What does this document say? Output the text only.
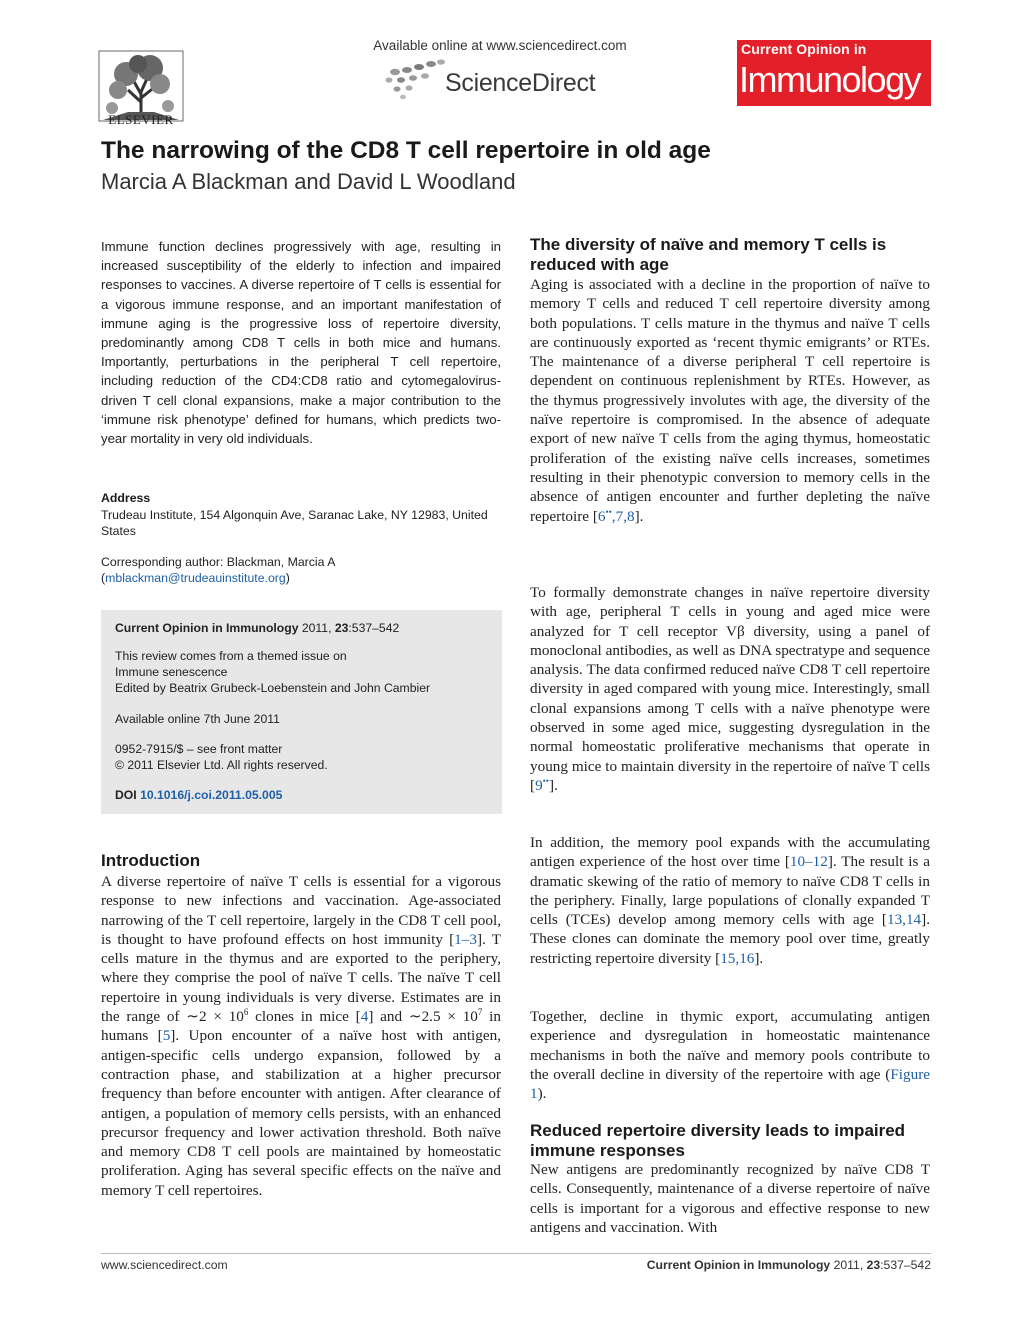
ELSEVIER
Available online at www.sciencedirect.com
ScienceDirect
Current Opinion in
Immunology
The narrowing of the CD8 T cell repertoire in old age
Marcia A Blackman and David L Woodland
Immune function declines progressively with age, resulting in increased susceptibility of the elderly to infection and impaired responses to vaccines. A diverse repertoire of T cells is essential for a vigorous immune response, and an important manifestation of immune aging is the progressive loss of repertoire diversity, predominantly among CD8 T cells in both mice and humans. Importantly, perturbations in the peripheral T cell repertoire, including reduction of the CD4:CD8 ratio and cytomegalovirus-driven T cell clonal expansions, make a major contribution to the ‘immune risk phenotype’ defined for humans, which predicts two-year mortality in very old individuals.
Address
Trudeau Institute, 154 Algonquin Ave, Saranac Lake, NY 12983, United States
Corresponding author: Blackman, Marcia A
(mblackman@trudeauinstitute.org)

Current Opinion in Immunology 2011, 23:537–542

This review comes from a themed issue on

Immune senescence

Edited by Beatrix Grubeck-Loebenstein and John Cambier

Available online 7th June 2011

0952-7915/$ – see front matter

© 2011 Elsevier Ltd. All rights reserved.

DOI 10.1016/j.coi.2011.05.005

Introduction

A diverse repertoire of naïve T cells is essential for a vigorous response to new infections and vaccination. Age-associated narrowing of the T cell repertoire, largely in the CD8 T cell pool, is thought to have profound effects on host immunity [1–3]. T cells mature in the thymus and are exported to the periphery, where they comprise the pool of naïve T cells. The naïve T cell repertoire in young individuals is very diverse. Estimates are in the range of ∼2 × $10^6$ clones in mice [4] and ∼2.5 × $10^7$ in humans [5]. Upon encounter of a naïve host with antigen, antigen-specific cells undergo expansion, followed by a contraction phase, and stabilization at a higher precursor frequency than before encounter with antigen. After clearance of antigen, a population of memory cells persists, with an enhanced precursor frequency and lower activation threshold. Both naïve and memory CD8 T cell pools are maintained by homeostatic proliferation. Aging has several specific effects on the naïve and memory T cell repertoires.

The diversity of naïve and memory T cells is reduced with age

Aging is associated with a decline in the proportion of naïve to memory T cells and reduced T cell repertoire diversity among both populations. T cells mature in the thymus and naïve T cells are continuously exported as ‘recent thymic emigrants’ or RTEs. The maintenance of a diverse peripheral T cell repertoire is dependent on continuous replenishment by RTEs. However, as the thymus progressively involutes with age, the diversity of the naïve repertoire is compromised. In the absence of adequate export of new naïve T cells from the aging thymus, homeostatic proliferation of the existing naïve cells increases, sometimes resulting in their phenotypic conversion to memory cells in the absence of antigen encounter and further depleting the naïve repertoire [6••,7,8].

To formally demonstrate changes in naïve repertoire diversity with age, peripheral T cells in young and aged mice were analyzed for T cell receptor Vβ diversity, using a panel of monoclonal antibodies, as well as DNA spectratype and sequence analysis. The data confirmed reduced naïve CD8 T cell repertoire diversity in aged compared with young mice. Interestingly, small clonal expansions among T cells with a naïve phenotype were observed in some aged mice, suggesting dysregulation in the normal homeostatic proliferative mechanisms that operate in young mice to maintain diversity in the repertoire of naïve T cells [9••].

In addition, the memory pool expands with the accumulating antigen experience of the host over time [10–12]. The result is a dramatic skewing of the ratio of memory to naïve CD8 T cells in the periphery. Finally, large populations of clonally expanded T cells (TCEs) develop among memory cells with age [13,14]. These clones can dominate the memory pool over time, greatly restricting repertoire diversity [15,16].

Together, decline in thymic export, accumulating antigen experience and dysregulation in homeostatic maintenance mechanisms in both the naïve and memory pools contribute to the overall decline in diversity of the repertoire with age (Figure 1).

Reduced repertoire diversity leads to impaired immune responses

New antigens are predominantly recognized by naïve CD8 T cells. Consequently, maintenance of a diverse repertoire of naïve cells is important for a vigorous and effective response to new antigens and vaccination. With

www.sciencedirect.com	Current Opinion in Immunology 2011, 23:537–542
